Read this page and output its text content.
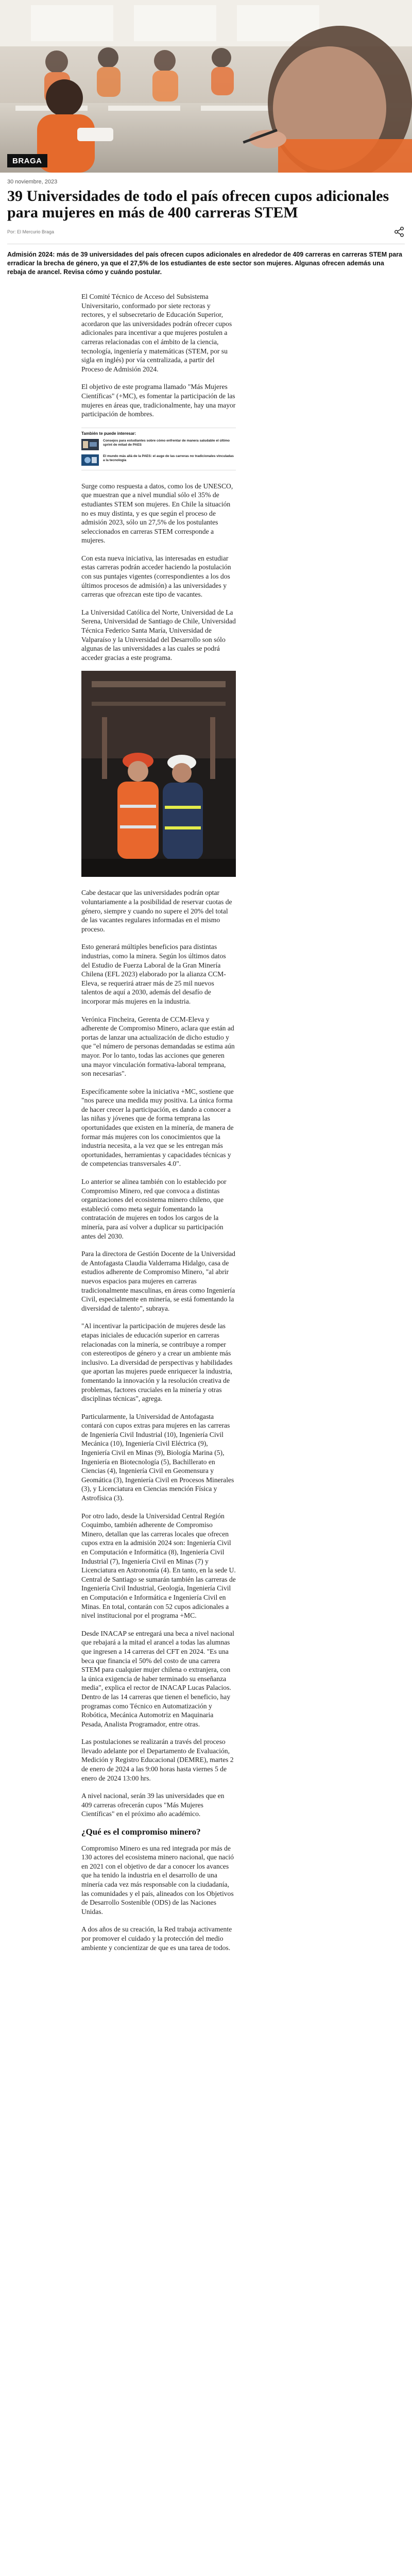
BRAGA
30 noviembre, 2023
39 Universidades de todo el país ofrecen cupos adicionales para mujeres en más de 400 carreras STEM
Por: El Mercurio Braga

Admisión 2024: más de 39 universidades del país ofrecen cupos adicionales en alrededor de 409 carreras en carreras STEM para erradicar la brecha de género, ya que el 27,5% de los estudiantes de este sector son mujeres. Algunas ofrecen además una rebaja de arancel. Revisa cómo y cuándo postular.

El Comité Técnico de Acceso del Subsistema Universitario, conformado por siete rectoras y rectores, y el subsecretario de Educación Superior, acordaron que las universidades podrán ofrecer cupos adicionales para incentivar a que mujeres postulen a carreras relacionadas con el ámbito de la ciencia, tecnología, ingeniería y matemáticas (STEM, por su sigla en inglés) por vía centralizada, a partir del Proceso de Admisión 2024.

El objetivo de este programa llamado "Más Mujeres Científicas" (+MC), es fomentar la participación de las mujeres en áreas que, tradicionalmente, hay una mayor participación de hombres.

También te puede interesar:
Consejos para estudiantes sobre cómo enfrentar de manera saludable el último sprint de mitad de PAES
El mundo más allá de la PAES: el auge de las carreras no tradicionales vinculadas a la tecnología

Surge como respuesta a datos, como los de UNESCO, que muestran que a nivel mundial sólo el 35% de estudiantes STEM son mujeres. En Chile la situación no es muy distinta, y es que según el proceso de admisión 2023, sólo un 27,5% de los postulantes seleccionados en carreras STEM corresponde a mujeres.

Con esta nueva iniciativa, las interesadas en estudiar estas carreras podrán acceder haciendo la postulación con sus puntajes vigentes (correspondientes a los dos últimos procesos de admisión) a las universidades y carreras que ofrezcan este tipo de vacantes.

La Universidad Católica del Norte, Universidad de La Serena, Universidad de Santiago de Chile, Universidad Técnica Federico Santa María, Universidad de Valparaíso y la Universidad del Desarrollo son sólo algunas de las universidades a las cuales se podrá acceder gracias a este programa.

Cabe destacar que las universidades podrán optar voluntariamente a la posibilidad de reservar cuotas de género, siempre y cuando no supere el 20% del total de las vacantes regulares informadas en el mismo proceso.

Esto generará múltiples beneficios para distintas industrias, como la minera. Según los últimos datos del Estudio de Fuerza Laboral de la Gran Minería Chilena (EFL 2023) elaborado por la alianza CCM-Eleva, se requerirá atraer más de 25 mil nuevos talentos de aquí a 2030, además del desafío de incorporar más mujeres en la industria.

Verónica Fincheira, Gerenta de CCM-Eleva y adherente de Compromiso Minero, aclara que están ad portas de lanzar una actualización de dicho estudio y que "el número de personas demandadas se estima aún mayor. Por lo tanto, todas las acciones que generen una mayor vinculación formativa-laboral temprana, son necesarias".

Específicamente sobre la iniciativa +MC, sostiene que "nos parece una medida muy positiva. La única forma de hacer crecer la participación, es dando a conocer a las niñas y jóvenes que de forma temprana las oportunidades que existen en la minería, de manera de formar más mujeres con los conocimientos que la industria necesita, a la vez que se les entregan más oportunidades, herramientas y capacidades técnicas y de competencias transversales 4.0".

Lo anterior se alinea también con lo establecido por Compromiso Minero, red que convoca a distintas organizaciones del ecosistema minero chileno, que estableció como meta seguir fomentando la contratación de mujeres en todos los cargos de la minería, para así volver a duplicar su participación antes del 2030.

Para la directora de Gestión Docente de la Universidad de Antofagasta Claudia Valderrama Hidalgo, casa de estudios adherente de Compromiso Minero, "al abrir nuevos espacios para mujeres en carreras tradicionalmente masculinas, en áreas como Ingeniería Civil, especialmente en minería, se está fomentando la diversidad de talento", subraya.

"Al incentivar la participación de mujeres desde las etapas iniciales de educación superior en carreras relacionadas con la minería, se contribuye a romper con estereotipos de género y a crear un ambiente más inclusivo. La diversidad de perspectivas y habilidades que aportan las mujeres puede enriquecer la industria, fomentando la innovación y la resolución creativa de problemas, factores cruciales en la minería y otras disciplinas técnicas", agrega.

Particularmente, la Universidad de Antofagasta contará con cupos extras para mujeres en las carreras de Ingeniería Civil Industrial (10), Ingeniería Civil Mecánica (10), Ingeniería Civil Eléctrica (9), Ingeniería Civil en Minas (9), Biología Marina (5), Ingeniería en Biotecnología (5), Bachillerato en Ciencias (4), Ingeniería Civil en Geomensura y Geomática (3), Ingeniería Civil en Procesos Minerales (3), y Licenciatura en Ciencias mención Física y Astrofísica (3).

Por otro lado, desde la Universidad Central Región Coquimbo, también adherente de Compromiso Minero, detallan que las carreras locales que ofrecen cupos extra en la admisión 2024 son: Ingeniería Civil en Computación e Informática (8), Ingeniería Civil Industrial (7), Ingeniería Civil en Minas (7) y Licenciatura en Astronomía (4). En tanto, en la sede U. Central de Santiago se sumarán también las carreras de Ingeniería Civil Industrial, Geología, Ingeniería Civil en Computación e Informática e Ingeniería Civil en Minas. En total, contarán con 52 cupos adicionales a nivel institucional por el programa +MC.

Desde INACAP se entregará una beca a nivel nacional que rebajará a la mitad el arancel a todas las alumnas que ingresen a 14 carreras del CFT en 2024. "Es una beca que financia el 50% del costo de una carrera STEM para cualquier mujer chilena o extranjera, con la única exigencia de haber terminado su enseñanza media", explica el rector de INACAP Lucas Palacios. Dentro de las 14 carreras que tienen el beneficio, hay programas como Técnico en Automatización y Robótica, Mecánica Automotriz en Maquinaria Pesada, Analista Programador, entre otras.

Las postulaciones se realizarán a través del proceso llevado adelante por el Departamento de Evaluación, Medición y Registro Educacional (DEMRE), martes 2 de enero de 2024 a las 9:00 horas hasta viernes 5 de enero de 2024 13:00 hrs.

A nivel nacional, serán 39 las universidades que en 409 carreras ofrecerán cupos "Más Mujeres Científicas" en el próximo año académico.

¿Qué es el compromiso minero?

Compromiso Minero es una red integrada por más de 130 actores del ecosistema minero nacional, que nació en 2021 con el objetivo de dar a conocer los avances que ha tenido la industria en el desarrollo de una minería cada vez más responsable con la ciudadanía, las comunidades y el país, alineados con los Objetivos de Desarrollo Sostenible (ODS) de las Naciones Unidas.

A dos años de su creación, la Red trabaja activamente por promover el cuidado y la protección del medio ambiente y concientizar de que es una tarea de todos.
